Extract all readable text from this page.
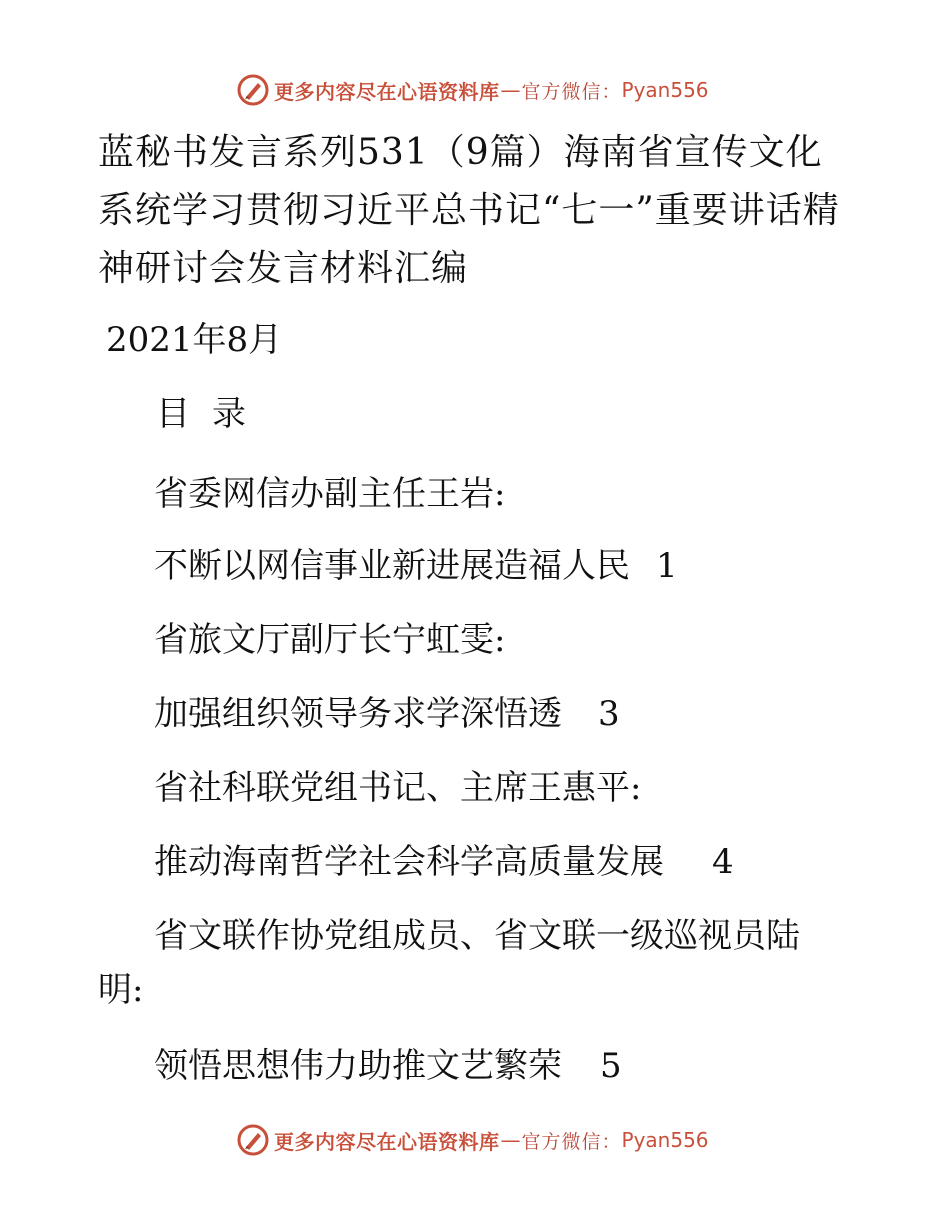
更多内容尽在心语资料库 — 官方微信： Pyan556
蓝秘书发言系列531（9篇）海南省宣传文化系统学习贯彻习近平总书记“七一”重要讲话精神研讨会发言材料汇编
2021年8月
目 录
省委网信办副主任王岩:
不断以网信事业新进展造福人民 1
省旅文厅副厅长宁虹雯:
加强组织领导务求学深悟透 3
省社科联党组书记、主席王惠平:
推动海南哲学社会科学高质量发展 4
省文联作协党组成员、省文联一级巡视员陆
明:
领悟思想伟力助推文艺繁荣 5
更多内容尽在心语资料库 — 官方微信： Pyan556
